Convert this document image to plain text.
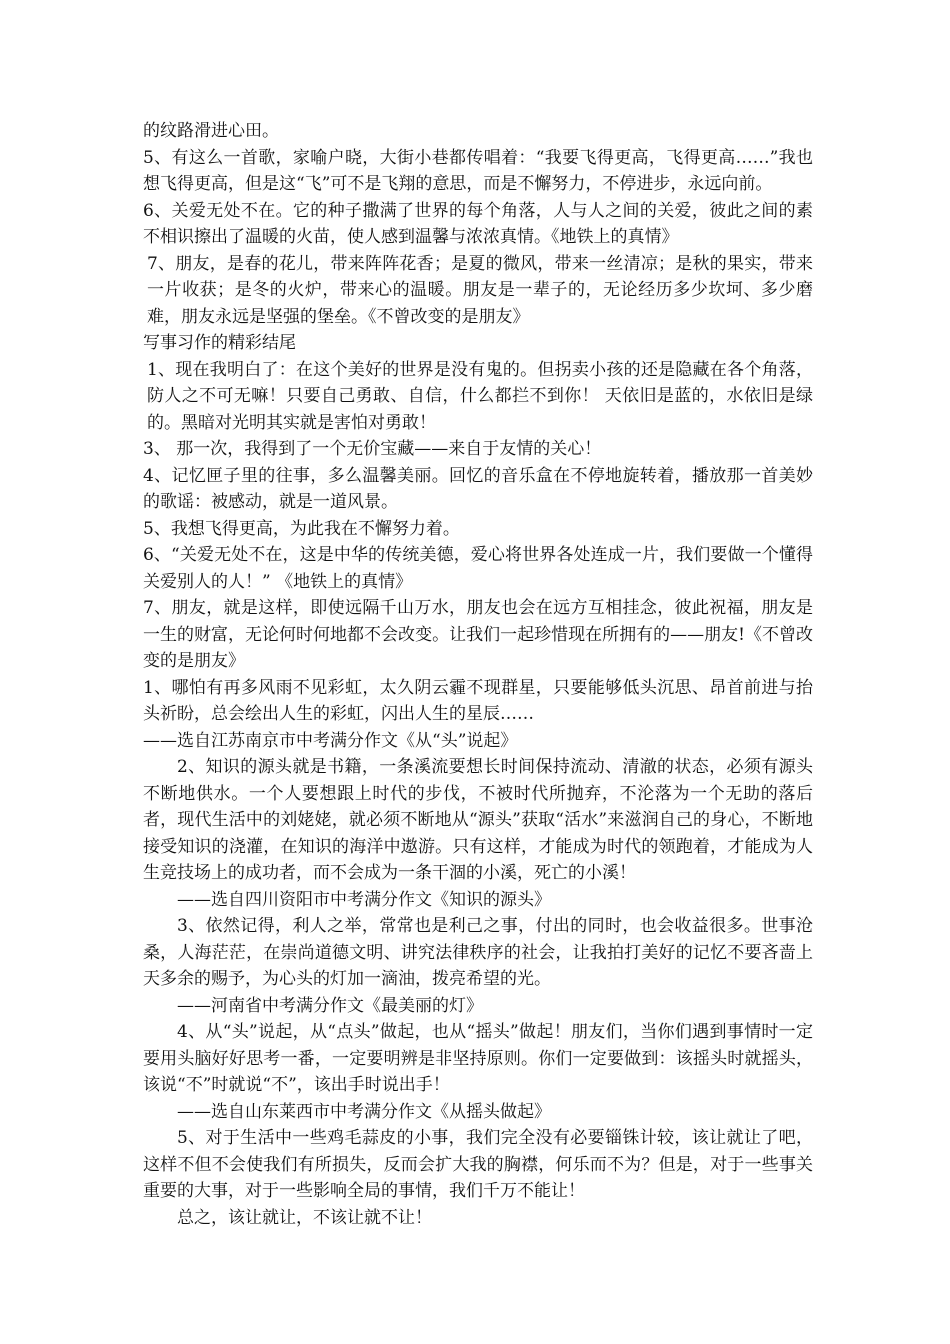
的纹路滑进心田。

5、有这么一首歌，家喻户晓，大街小巷都传唱着：“我要飞得更高，飞得更高……”我也想飞得更高，但是这“飞”可不是飞翔的意思，而是不懈努力，不停进步，永远向前。

6、关爱无处不在。它的种子撒满了世界的每个角落，人与人之间的关爱，彼此之间的素不相识擦出了温暖的火苗，使人感到温馨与浓浓真情。《地铁上的真情》

7、朋友，是春的花儿，带来阵阵花香；是夏的微风，带来一丝清凉；是秋的果实，带来一片收获；是冬的火炉，带来心的温暖。朋友是一辈子的，无论经历多少坎坷、多少磨难，朋友永远是坚强的堡垒。《不曾改变的是朋友》

写事习作的精彩结尾

1、现在我明白了：在这个美好的世界是没有鬼的。但拐卖小孩的还是隐藏在各个角落，防人之不可无嘛！只要自己勇敢、自信，什么都拦不到你！ 天依旧是蓝的，水依旧是绿的。黑暗对光明其实就是害怕对勇敢！

3、 那一次，我得到了一个无价宝藏——来自于友情的关心！

4、记忆匣子里的往事，多么温馨美丽。回忆的音乐盒在不停地旋转着，播放那一首美妙的歌谣：被感动，就是一道风景。

5、我想飞得更高，为此我在不懈努力着。

6、“关爱无处不在，这是中华的传统美德，爱心将世界各处连成一片，我们要做一个懂得关爱别人的人！” 《地铁上的真情》

7、朋友，就是这样，即使远隔千山万水，朋友也会在远方互相挂念，彼此祝福，朋友是一生的财富，无论何时何地都不会改变。让我们一起珍惜现在所拥有的——朋友!《不曾改变的是朋友》

1、哪怕有再多风雨不见彩虹，太久阴云霾不现群星，只要能够低头沉思、昂首前进与抬头祈盼，总会绘出人生的彩虹，闪出人生的星辰……

——选自江苏南京市中考满分作文《从“头”说起》

2、知识的源头就是书籍，一条溪流要想长时间保持流动、清澈的状态，必须有源头不断地供水。一个人要想跟上时代的步伐，不被时代所抛弃，不沦落为一个无助的落后者，现代生活中的刘姥姥，就必须不断地从“源头”获取“活水”来滋润自己的身心，不断地接受知识的浇灌，在知识的海洋中遨游。只有这样，才能成为时代的领跑着，才能成为人生竞技场上的成功者，而不会成为一条干涸的小溪，死亡的小溪！

——选自四川资阳市中考满分作文《知识的源头》

3、依然记得，利人之举，常常也是利己之事，付出的同时，也会收益很多。世事沧桑，人海茫茫，在崇尚道德文明、讲究法律秩序的社会，让我拍打美好的记忆不要吝啬上天多余的赐予，为心头的灯加一滴油，拨亮希望的光。

——河南省中考满分作文《最美丽的灯》

4、从“头”说起，从“点头”做起，也从“摇头”做起！朋友们，当你们遇到事情时一定要用头脑好好思考一番，一定要明辨是非坚持原则。你们一定要做到：该摇头时就摇头，该说“不”时就说“不”，该出手时说出手！

——选自山东莱西市中考满分作文《从摇头做起》

5、对于生活中一些鸡毛蒜皮的小事，我们完全没有必要锱铢计较，该让就让了吧，这样不但不会使我们有所损失，反而会扩大我的胸襟，何乐而不为？但是，对于一些事关重要的大事，对于一些影响全局的事情，我们千万不能让！

总之，该让就让，不该让就不让！
